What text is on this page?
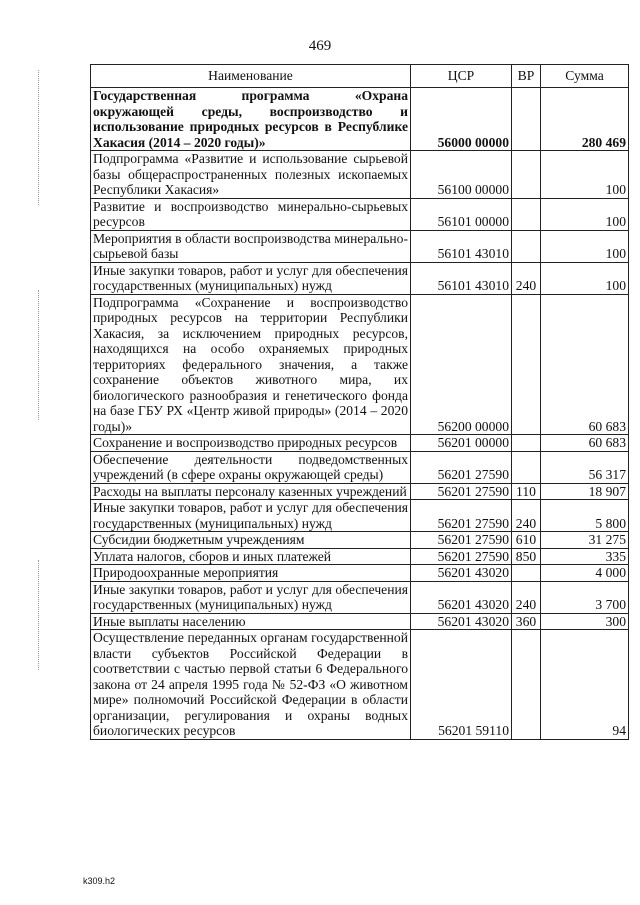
469
Наименование	ЦСР	ВР	Сумма
Государственная программа «Охрана окружающей среды, воспроизводство и использование природных ресурсов в Республике Хакасия (2014 – 2020 годы)»	56000 00000		280 469
Подпрограмма «Развитие и использование сырьевой базы общераспространенных полезных ископаемых Республики Хакасия»	56100 00000		100
Развитие и воспроизводство минерально-сырьевых ресурсов	56101 00000		100
Мероприятия в области воспроизводства минерально-сырьевой базы	56101 43010		100
Иные закупки товаров, работ и услуг для обеспечения государственных (муниципальных) нужд	56101 43010	240	100
Подпрограмма «Сохранение и воспроизводство природных ресурсов на территории Республики Хакасия, за исключением природных ресурсов, находящихся на особо охраняемых природных территориях федерального значения, а также сохранение объектов животного мира, их биологического разнообразия и генетического фонда на базе ГБУ РХ «Центр живой природы» (2014 – 2020 годы)»	56200 00000		60 683
Сохранение и воспроизводство природных ресурсов	56201 00000		60 683
Обеспечение деятельности подведомственных учреждений (в сфере охраны окружающей среды)	56201 27590		56 317
Расходы на выплаты персоналу казенных учреждений	56201 27590	110	18 907
Иные закупки товаров, работ и услуг для обеспечения государственных (муниципальных) нужд	56201 27590	240	5 800
Субсидии бюджетным учреждениям	56201 27590	610	31 275
Уплата налогов, сборов и иных платежей	56201 27590	850	335
Природоохранные мероприятия	56201 43020		4 000
Иные закупки товаров, работ и услуг для обеспечения государственных (муниципальных) нужд	56201 43020	240	3 700
Иные выплаты населению	56201 43020	360	300
Осуществление переданных органам государственной власти субъектов Российской Федерации в соответствии с частью первой статьи 6 Федерального закона от 24 апреля 1995 года № 52-ФЗ «О животном мире» полномочий Российской Федерации в области организации, регулирования и охраны водных биологических ресурсов	56201 59110		94
k309.h2
